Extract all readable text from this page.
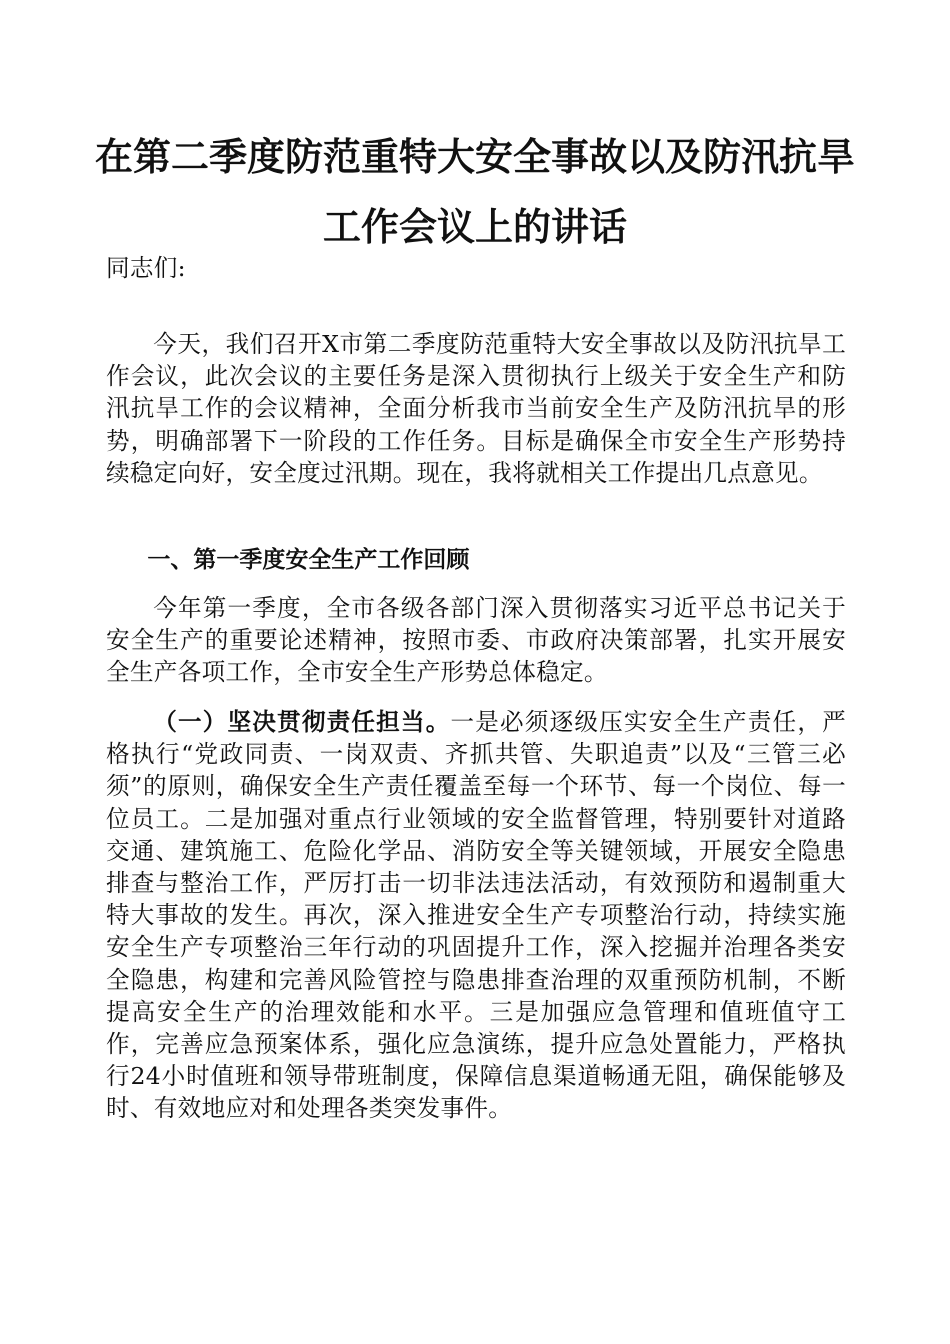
在第二季度防范重特大安全事故以及防汛抗旱工作会议上的讲话

同志们:

今天，我们召开X市第二季度防范重特大安全事故以及防汛抗旱工作会议，此次会议的主要任务是深入贯彻执行上级关于安全生产和防汛抗旱工作的会议精神，全面分析我市当前安全生产及防汛抗旱的形势，明确部署下一阶段的工作任务。目标是确保全市安全生产形势持续稳定向好，安全度过汛期。现在，我将就相关工作提出几点意见。

一、第一季度安全生产工作回顾

今年第一季度，全市各级各部门深入贯彻落实习近平总书记关于安全生产的重要论述精神，按照市委、市政府决策部署，扎实开展安全生产各项工作，全市安全生产形势总体稳定。

（一）坚决贯彻责任担当。一是必须逐级压实安全生产责任，严格执行“党政同责、一岗双责、齐抓共管、失职追责”以及“三管三必须”的原则，确保安全生产责任覆盖至每一个环节、每一个岗位、每一位员工。二是加强对重点行业领域的安全监督管理，特别要针对道路交通、建筑施工、危险化学品、消防安全等关键领域，开展安全隐患排查与整治工作，严厉打击一切非法违法活动，有效预防和遏制重大特大事故的发生。再次，深入推进安全生产专项整治行动，持续实施安全生产专项整治三年行动的巩固提升工作，深入挖掘并治理各类安全隐患，构建和完善风险管控与隐患排查治理的双重预防机制，不断提高安全生产的治理效能和水平。三是加强应急管理和值班值守工作，完善应急预案体系，强化应急演练，提升应急处置能力，严格执行24小时值班和领导带班制度，保障信息渠道畅通无阻，确保能够及时、有效地应对和处理各类突发事件。
